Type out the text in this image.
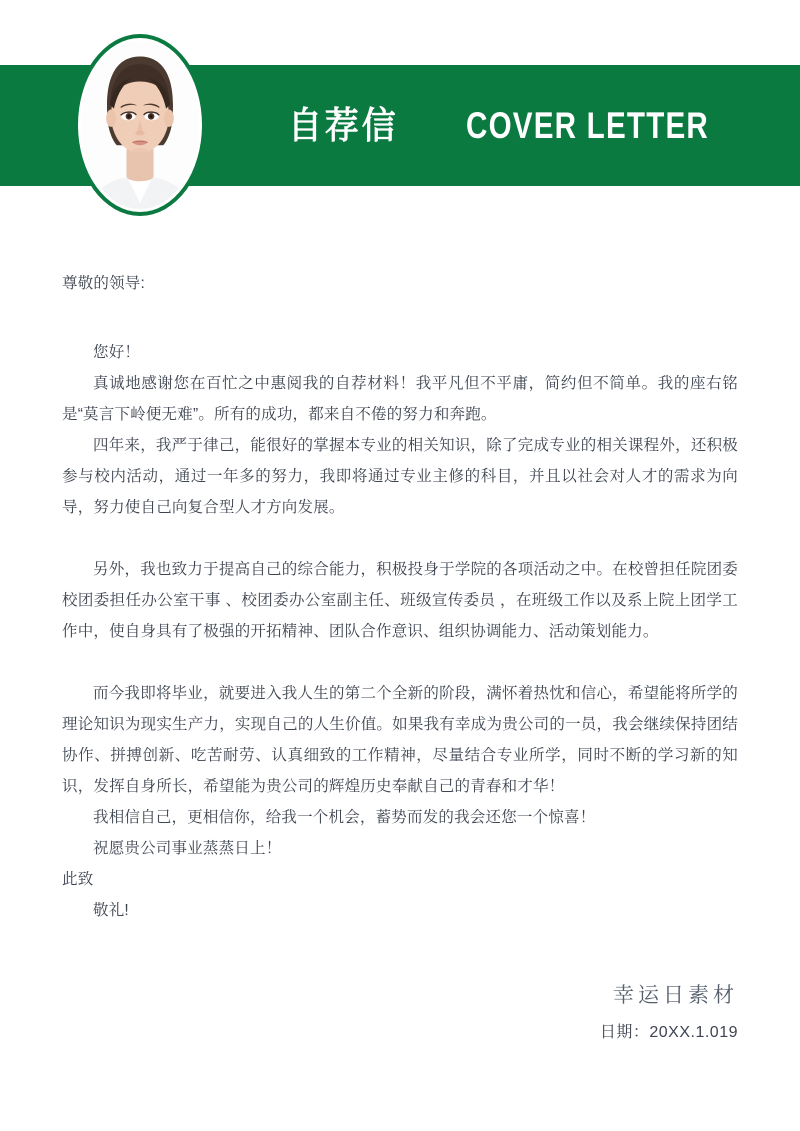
自荐信 COVER LETTER

尊敬的领导:

您好！

真诚地感谢您在百忙之中惠阅我的自荐材料！我平凡但不平庸，简约但不简单。我的座右铭是“莫言下岭便无难”。所有的成功，都来自不倦的努力和奔跑。

四年来，我严于律己，能很好的掌握本专业的相关知识，除了完成专业的相关课程外，还积极参与校内活动，通过一年多的努力，我即将通过专业主修的科目，并且以社会对人才的需求为向导，努力使自己向复合型人才方向发展。

另外，我也致力于提高自己的综合能力，积极投身于学院的各项活动之中。在校曾担任院团委校团委担任办公室干事 、校团委办公室副主任、班级宣传委员 ，在班级工作以及系上院上团学工作中，使自身具有了极强的开拓精神、团队合作意识、组织协调能力、活动策划能力。

而今我即将毕业，就要进入我人生的第二个全新的阶段，满怀着热忱和信心，希望能将所学的理论知识为现实生产力，实现自己的人生价值。如果我有幸成为贵公司的一员，我会继续保持团结协作、拼搏创新、吃苦耐劳、认真细致的工作精神，尽量结合专业所学，同时不断的学习新的知识，发挥自身所长，希望能为贵公司的辉煌历史奉献自己的青春和才华！

我相信自己，更相信你，给我一个机会，蓄势而发的我会还您一个惊喜！

祝愿贵公司事业蒸蒸日上！

此致

敬礼!

幸运日素材
日期：20XX.1.019
